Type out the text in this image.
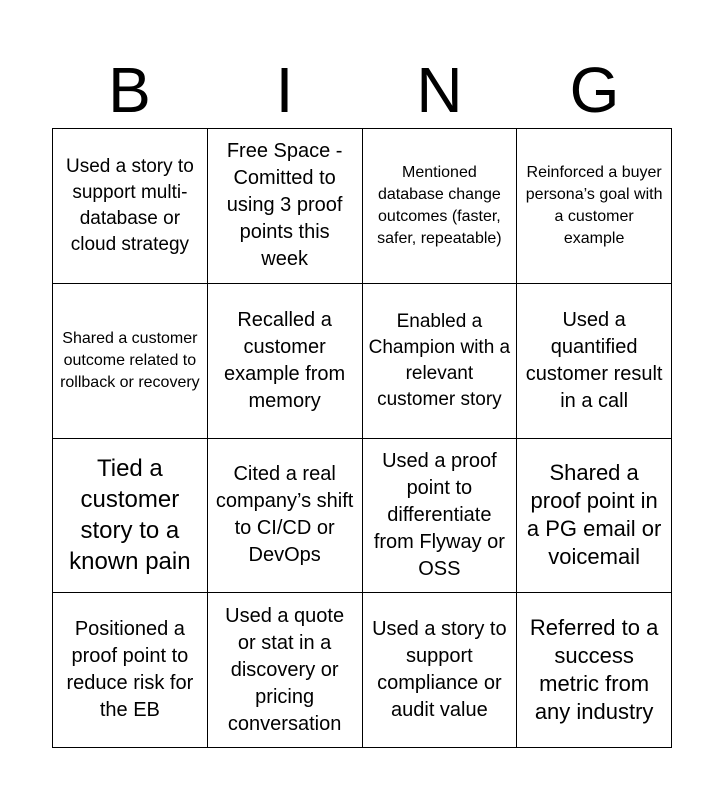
B	I	N	G
Used a story to support multi-database or cloud strategy
Free Space - Comitted to using 3 proof points this week
Mentioned database change outcomes (faster, safer, repeatable)
Reinforced a buyer persona’s goal with a customer example
Shared a customer outcome related to rollback or recovery
Recalled a customer example from memory
Enabled a Champion with a relevant customer story
Used a quantified customer result in a call
Tied a customer story to a known pain
Cited a real company’s shift to CI/CD or DevOps
Used a proof point to differentiate from Flyway or OSS
Shared a proof point in a PG email or voicemail
Positioned a proof point to reduce risk for the EB
Used a quote or stat in a discovery or pricing conversation
Used a story to support compliance or audit value
Referred to a success metric from any industry
